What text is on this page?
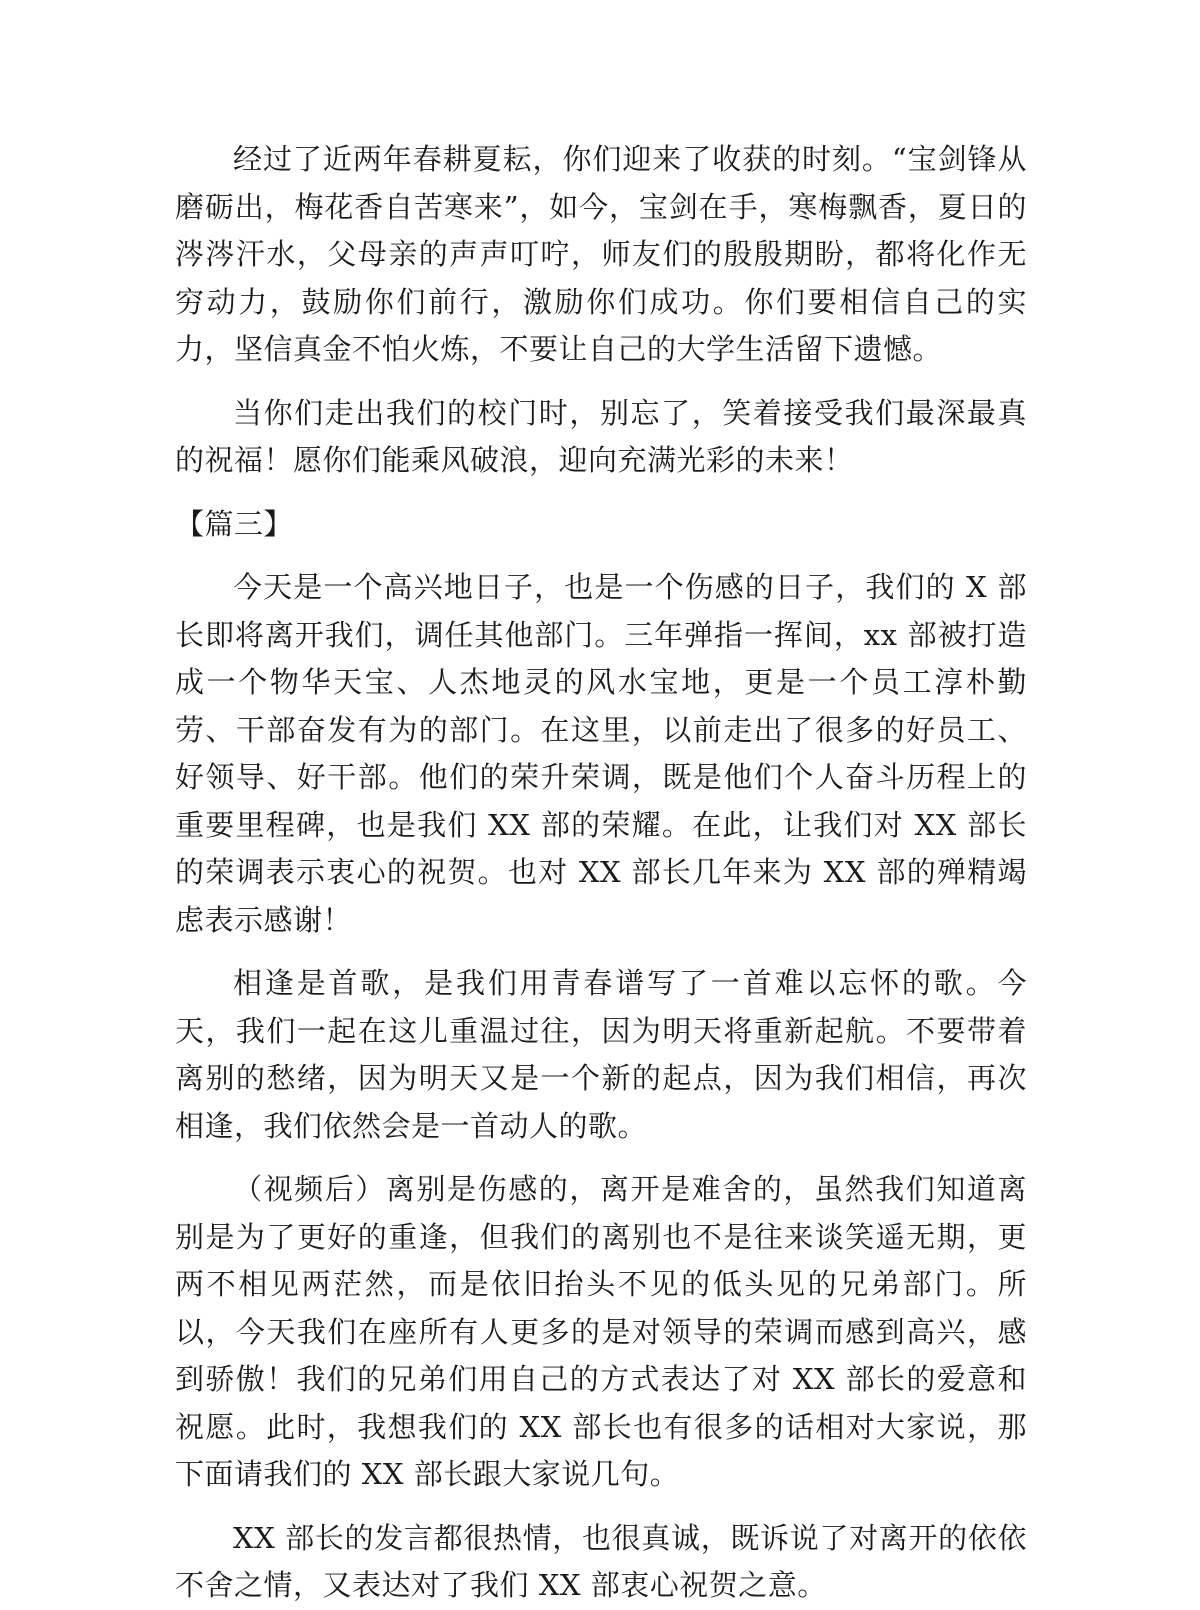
经过了近两年春耕夏耘，你们迎来了收获的时刻。“宝剑锋从磨砺出，梅花香自苦寒来”，如今，宝剑在手，寒梅飘香，夏日的涔涔汗水，父母亲的声声叮咛，师友们的殷殷期盼，都将化作无穷动力，鼓励你们前行，激励你们成功。你们要相信自己的实力，坚信真金不怕火炼，不要让自己的大学生活留下遗憾。

当你们走出我们的校门时，别忘了，笑着接受我们最深最真的祝福！愿你们能乘风破浪，迎向充满光彩的未来！

【篇三】

今天是一个高兴地日子，也是一个伤感的日子，我们的 X 部长即将离开我们，调任其他部门。三年弹指一挥间，xx 部被打造成一个物华天宝、人杰地灵的风水宝地，更是一个员工淳朴勤劳、干部奋发有为的部门。在这里，以前走出了很多的好员工、好领导、好干部。他们的荣升荣调，既是他们个人奋斗历程上的重要里程碑，也是我们 XX 部的荣耀。在此，让我们对 XX 部长的荣调表示衷心的祝贺。也对 XX 部长几年来为 XX 部的殚精竭虑表示感谢！

相逢是首歌，是我们用青春谱写了一首难以忘怀的歌。今天，我们一起在这儿重温过往，因为明天将重新起航。不要带着离别的愁绪，因为明天又是一个新的起点，因为我们相信，再次相逢，我们依然会是一首动人的歌。

（视频后）离别是伤感的，离开是难舍的，虽然我们知道离别是为了更好的重逢，但我们的离别也不是往来谈笑遥无期，更两不相见两茫然，而是依旧抬头不见的低头见的兄弟部门。所以，今天我们在座所有人更多的是对领导的荣调而感到高兴，感到骄傲！我们的兄弟们用自己的方式表达了对 XX 部长的爱意和祝愿。此时，我想我们的 XX 部长也有很多的话相对大家说，那下面请我们的 XX 部长跟大家说几句。

XX 部长的发言都很热情，也很真诚，既诉说了对离开的依依不舍之情，又表达对了我们 XX 部衷心祝贺之意。
